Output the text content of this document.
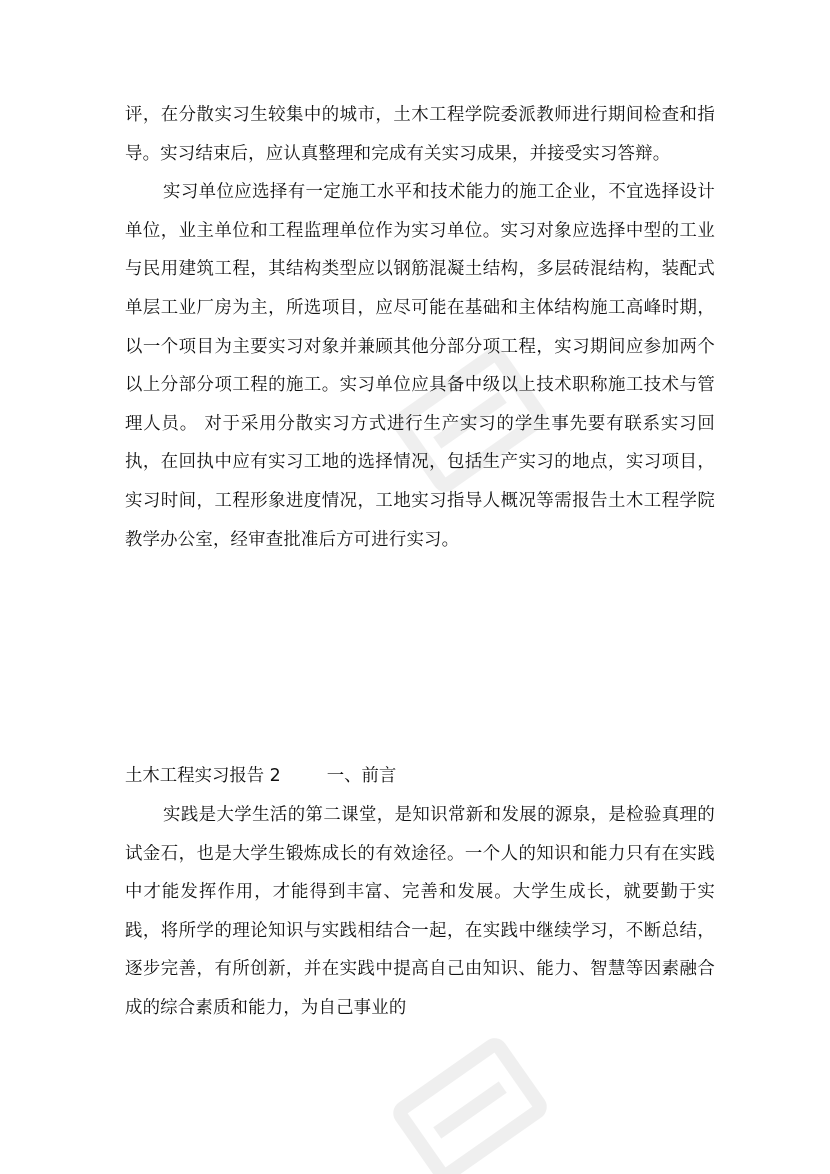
评，在分散实习生较集中的城市，土木工程学院委派教师进行期间检查和指导。实习结束后，应认真整理和完成有关实习成果，并接受实习答辩。

实习单位应选择有一定施工水平和技术能力的施工企业，不宜选择设计单位，业主单位和工程监理单位作为实习单位。实习对象应选择中型的工业与民用建筑工程，其结构类型应以钢筋混凝土结构，多层砖混结构，装配式单层工业厂房为主，所选项目，应尽可能在基础和主体结构施工高峰时期，以一个项目为主要实习对象并兼顾其他分部分项工程，实习期间应参加两个以上分部分项工程的施工。实习单位应具备中级以上技术职称施工技术与管理人员。 对于采用分散实习方式进行生产实习的学生事先要有联系实习回执，在回执中应有实习工地的选择情况，包括生产实习的地点，实习项目，实习时间，工程形象进度情况，工地实习指导人概况等需报告土木工程学院教学办公室，经审查批准后方可进行实习。

土木工程实习报告 2	一、前言

实践是大学生活的第二课堂，是知识常新和发展的源泉，是检验真理的试金石，也是大学生锻炼成长的有效途径。一个人的知识和能力只有在实践中才能发挥作用，才能得到丰富、完善和发展。大学生成长，就要勤于实践，将所学的理论知识与实践相结合一起，在实践中继续学习，不断总结，逐步完善，有所创新，并在实践中提高自己由知识、能力、智慧等因素融合成的综合素质和能力，为自己事业的
